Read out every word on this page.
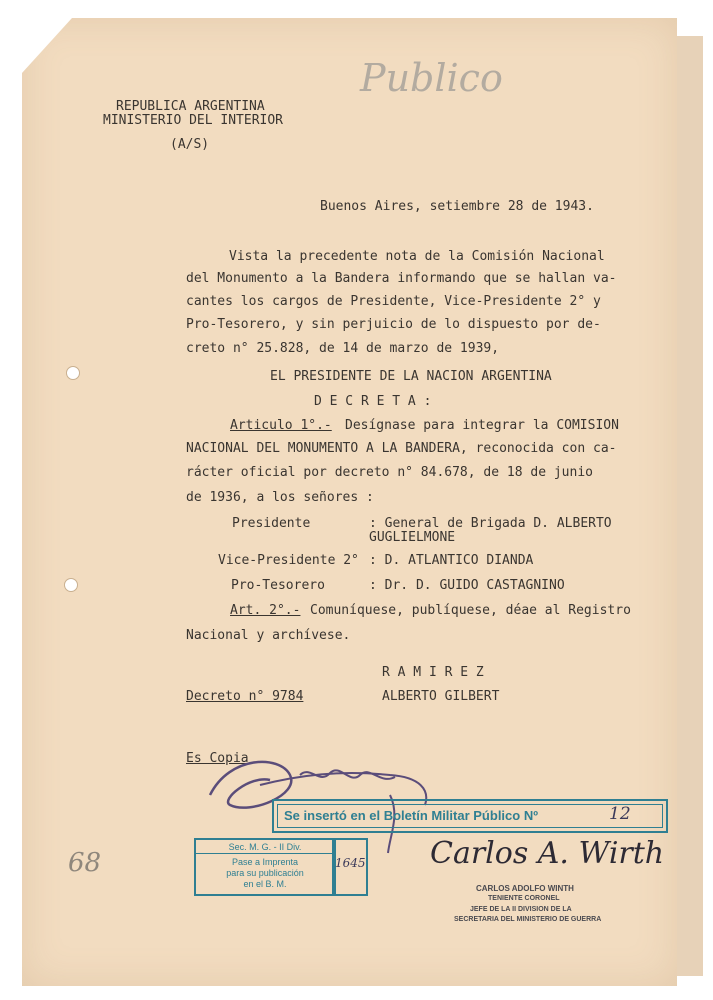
REPUBLICA ARGENTINA
MINISTERIO DEL INTERIOR
(A/S)
Publico
Buenos Aires, setiembre 28 de 1943.
Vista la precedente nota de la Comisión Nacional
del Monumento a la Bandera informando que se hallan va-
cantes los cargos de Presidente, Vice-Presidente 2° y
Pro-Tesorero, y sin perjuicio de lo dispuesto por de-
creto n° 25.828, de 14 de marzo de 1939,
EL PRESIDENTE DE LA NACION ARGENTINA
D E C R E T A :
Articulo 1°.- Desígnase para integrar la COMISION
NACIONAL DEL MONUMENTO A LA BANDERA, reconocida con ca-
rácter oficial por decreto n° 84.678, de 18 de junio
de 1936, a los señores :
Presidente	: General de Brigada D. ALBERTO
GUGLIELMONE
Vice-Presidente 2° : D. ATLANTICO DIANDA
Pro-Tesorero	: Dr. D. GUIDO CASTAGNINO
Art. 2°.- Comuníquese, publíquese, déae al Registro
Nacional y archívese.
R A M I R E Z
ALBERTO GILBERT
Decreto n° 9784
Es Copia
Se insertó en el Boletín Militar Público Nº	12
Sec. M. G. - II Div.
Pase a Imprenta
para su publicación
en el B. M.
1645
68	Carlos A. Wirth
CARLOS ADOLFO WINTH
TENIENTE CORONEL
JEFE DE LA II DIVISION DE LA
SECRETARIA DEL MINISTERIO DE GUERRA
